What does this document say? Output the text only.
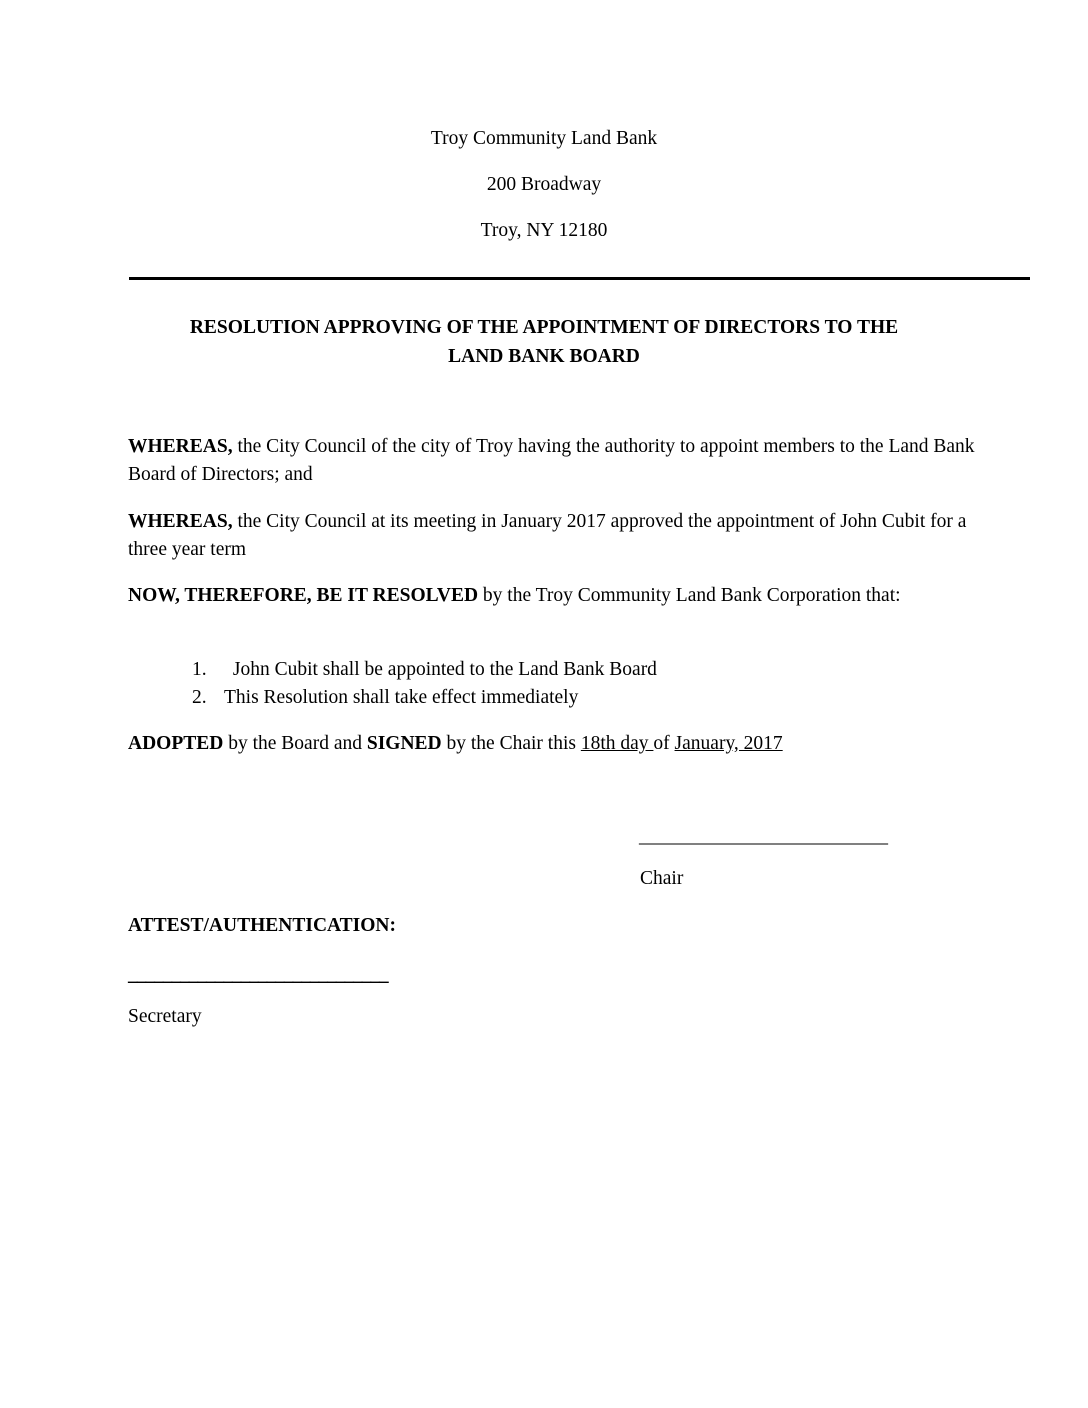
Troy Community Land Bank

200 Broadway

Troy, NY 12180

RESOLUTION APPROVING OF THE APPOINTMENT OF DIRECTORS TO THE
LAND BANK BOARD

WHEREAS, the City Council of the city of Troy having the authority to appoint members to the Land Bank Board of Directors; and

WHEREAS, the City Council at its meeting in January 2017 approved the appointment of John Cubit for a three year term

NOW, THEREFORE, BE IT RESOLVED by the Troy Community Land Bank Corporation that:

1. John Cubit shall be appointed to the Land Bank Board
2. This Resolution shall take effect immediately

ADOPTED by the Board and SIGNED by the Chair this 18th day of January, 2017

______________________________

Chair

ATTEST/AUTHENTICATION:

______________________________

Secretary
